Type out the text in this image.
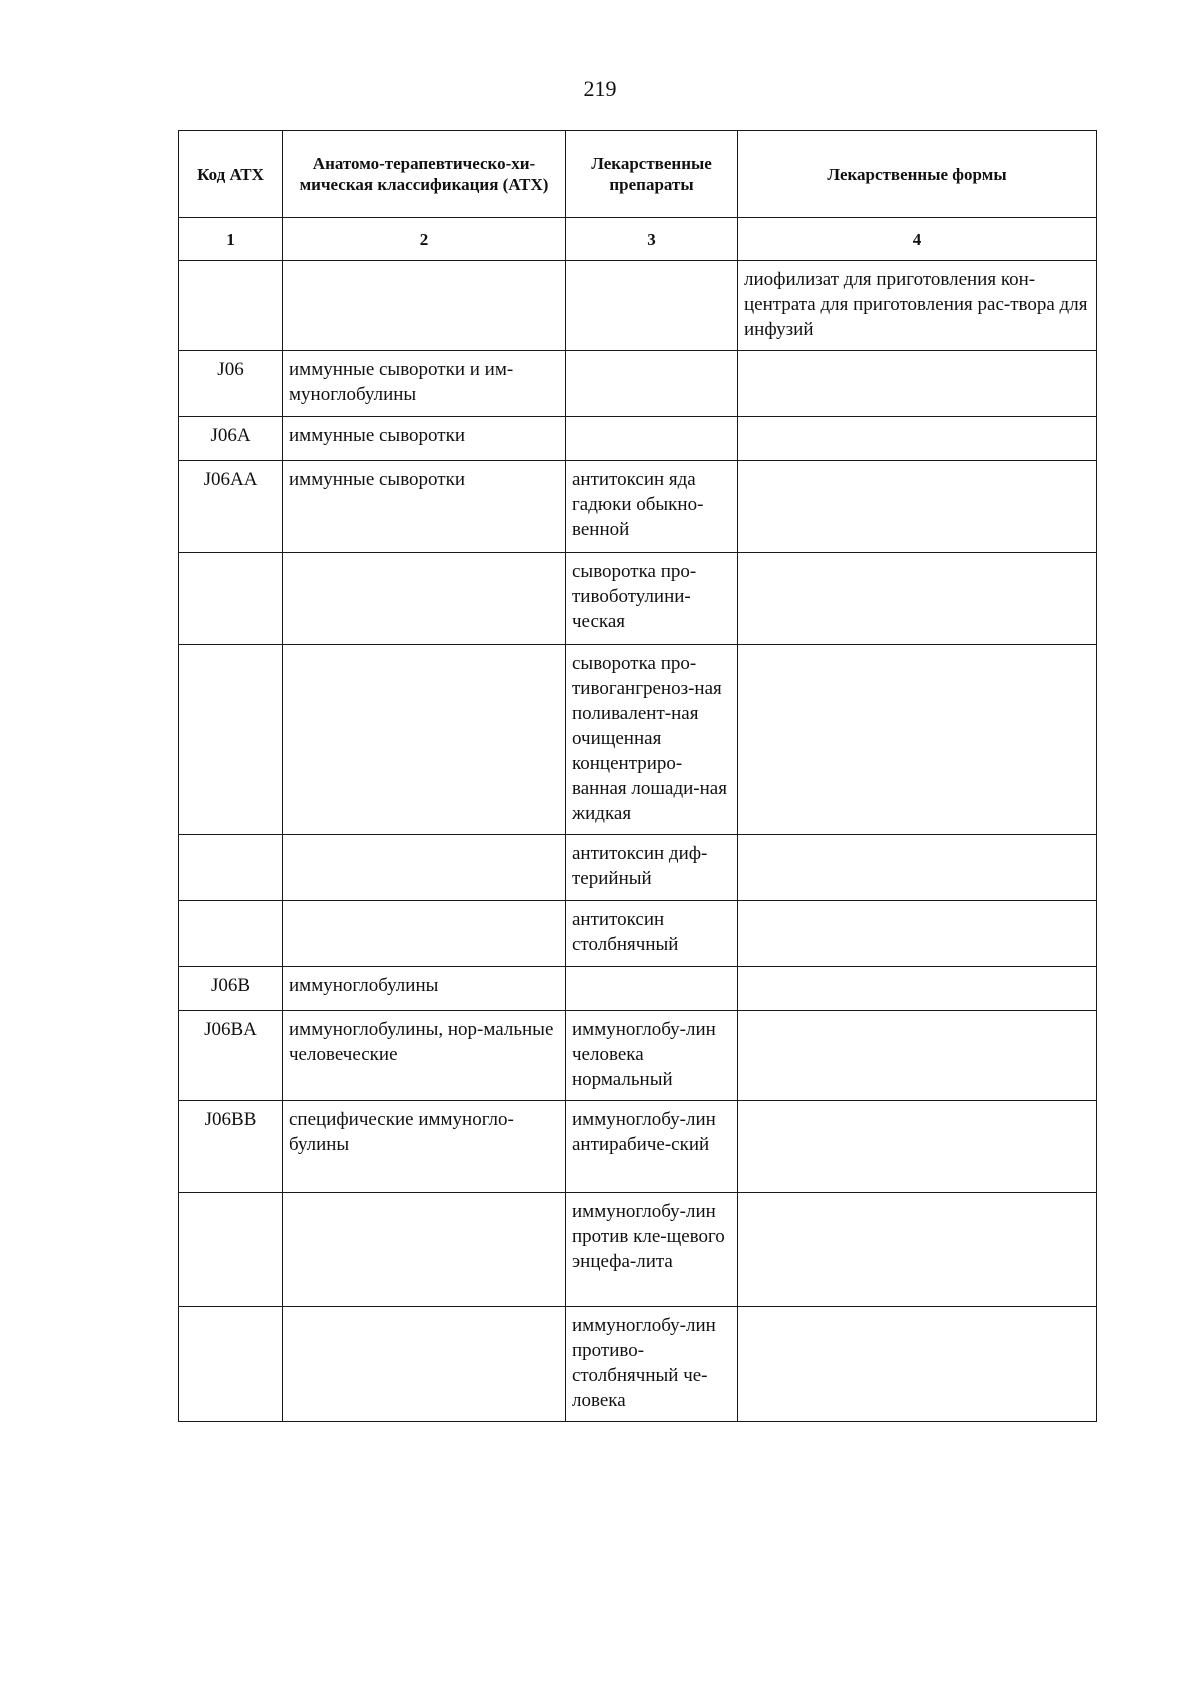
219
Код АТХ	Анатомо-терапевтическо-хи-мическая классификация (АТХ)	Лекарственные препараты	Лекарственные формы
1	2	3	4
			лиофилизат для приготовления кон-центрата для приготовления рас-твора для инфузий
J06	иммунные сыворотки и им-муноглобулины		
J06A	иммунные сыворотки		
J06AA	иммунные сыворотки	антитоксин яда гадюки обыкно-венной	
		сыворотка про-тивоботулини-ческая	
		сыворотка про-тивогангреноз-ная поливалент-ная очищенная концентриро-ванная лошади-ная жидкая	
		антитоксин диф-терийный	
		антитоксин столбнячный	
J06B	иммуноглобулины		
J06BA	иммуноглобулины, нор-мальные человеческие	иммуноглобу-лин человека нормальный	
J06BB	специфические иммуногло-булины	иммуноглобу-лин антирабиче-ский	
		иммуноглобу-лин против кле-щевого энцефа-лита	
		иммуноглобу-лин противо-столбнячный че-ловека	
